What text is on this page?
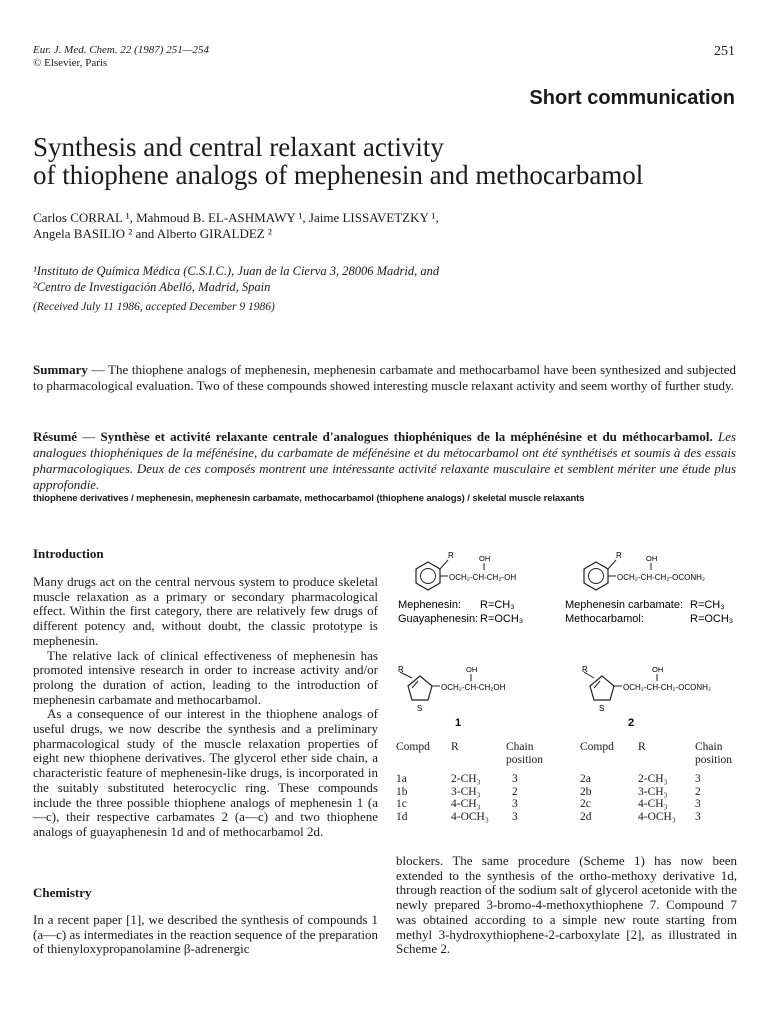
Eur. J. Med. Chem. 22 (1987) 251—254
© Elsevier, Paris
251
Short communication
Synthesis and central relaxant activity
of thiophene analogs of mephenesin and methocarbamol
Carlos CORRAL ¹, Mahmoud B. EL-ASHMAWY ¹, Jaime LISSAVETZKY ¹,
Angela BASILIO ² and Alberto GIRALDEZ ²
¹Instituto de Química Médica (C.S.I.C.), Juan de la Cierva 3, 28006 Madrid, and
²Centro de Investigación Abelló, Madrid, Spain
(Received July 11 1986, accepted December 9 1986)
Summary — The thiophene analogs of mephenesin, mephenesin carbamate and methocarbamol have been synthesized and subjected to pharmacological evaluation. Two of these compounds showed interesting muscle relaxant activity and seem worthy of further study.
Résumé — Synthèse et activité relaxante centrale d'analogues thiophéniques de la méphénésine et du méthocarbamol. Les analogues thiophéniques de la méfénésine, du carbamate de méfénésine et du métocarbamol ont été synthétisés et soumis à des essais pharmacologiques. Deux de ces composés montrent une intéressante activité relaxante musculaire et semblent mériter une étude plus approfondie.
thiophene derivatives / mephenesin, mephenesin carbamate, methocarbamol (thiophene analogs) / skeletal muscle relaxants
Introduction

Many drugs act on the central nervous system to produce skeletal muscle relaxation as a primary or secondary pharmacological effect. Within the first category, there are relatively few drugs of different potency and, without doubt, the classic prototype is mephenesin.

The relative lack of clinical effectiveness of mephenesin has promoted intensive research in order to increase activity and/or prolong the duration of action, leading to the introduction of mephenesin carbamate and methocarbamol.

As a consequence of our interest in the thiophene analogs of useful drugs, we now describe the synthesis and a preliminary pharmacological study of the muscle relaxation properties of eight new thiophene derivatives. The glycerol ether side chain, a characteristic feature of mephenesin-like drugs, is incorporated in the suitably substituted heterocyclic ring. These compounds include the three possible thiophene analogs of mephenesin 1 (a—c), their respective carbamates 2 (a—c) and two thiophene analogs of guayaphenesin 1d and of methocarbamol 2d.

Chemistry

In a recent paper [1], we described the synthesis of compounds 1 (a—c) as intermediates in the reaction sequence of the preparation of thienyloxypropanolamine β-adrenergic

R	OH
OCH₂-CH-CH₂-OH
Mephenesin: R=CH₃
Guayaphenesin: R=OCH₃
R	OH
OCH₂-CH-CH₂-OCONH₂
Mephenesin carbamate: R=CH₃
Methocarbamol:	R=OCH₃
R
S
OH
OCH₂-CH-CH₂OH
1
R
S
OH
OCH₂-CH-CH₂-OCONH₂
2
Compd	R	Chain
position

1a	2-CH₃	3
1b	3-CH₃	2
1c	4-CH₃	3
1d	4-OCH₃	3
Compd	R	Chain
position

2a	2-CH₃	3
2b	3-CH₃	2
2c	4-CH₃	3
2d	4-OCH₃	3

blockers. The same procedure (Scheme 1) has now been extended to the synthesis of the ortho-methoxy derivative 1d, through reaction of the sodium salt of glycerol acetonide with the newly prepared 3-bromo-4-methoxythiophene 7. Compound 7 was obtained according to a simple new route starting from methyl 3-hydroxythiophene-2-carboxylate [2], as illustrated in Scheme 2.
